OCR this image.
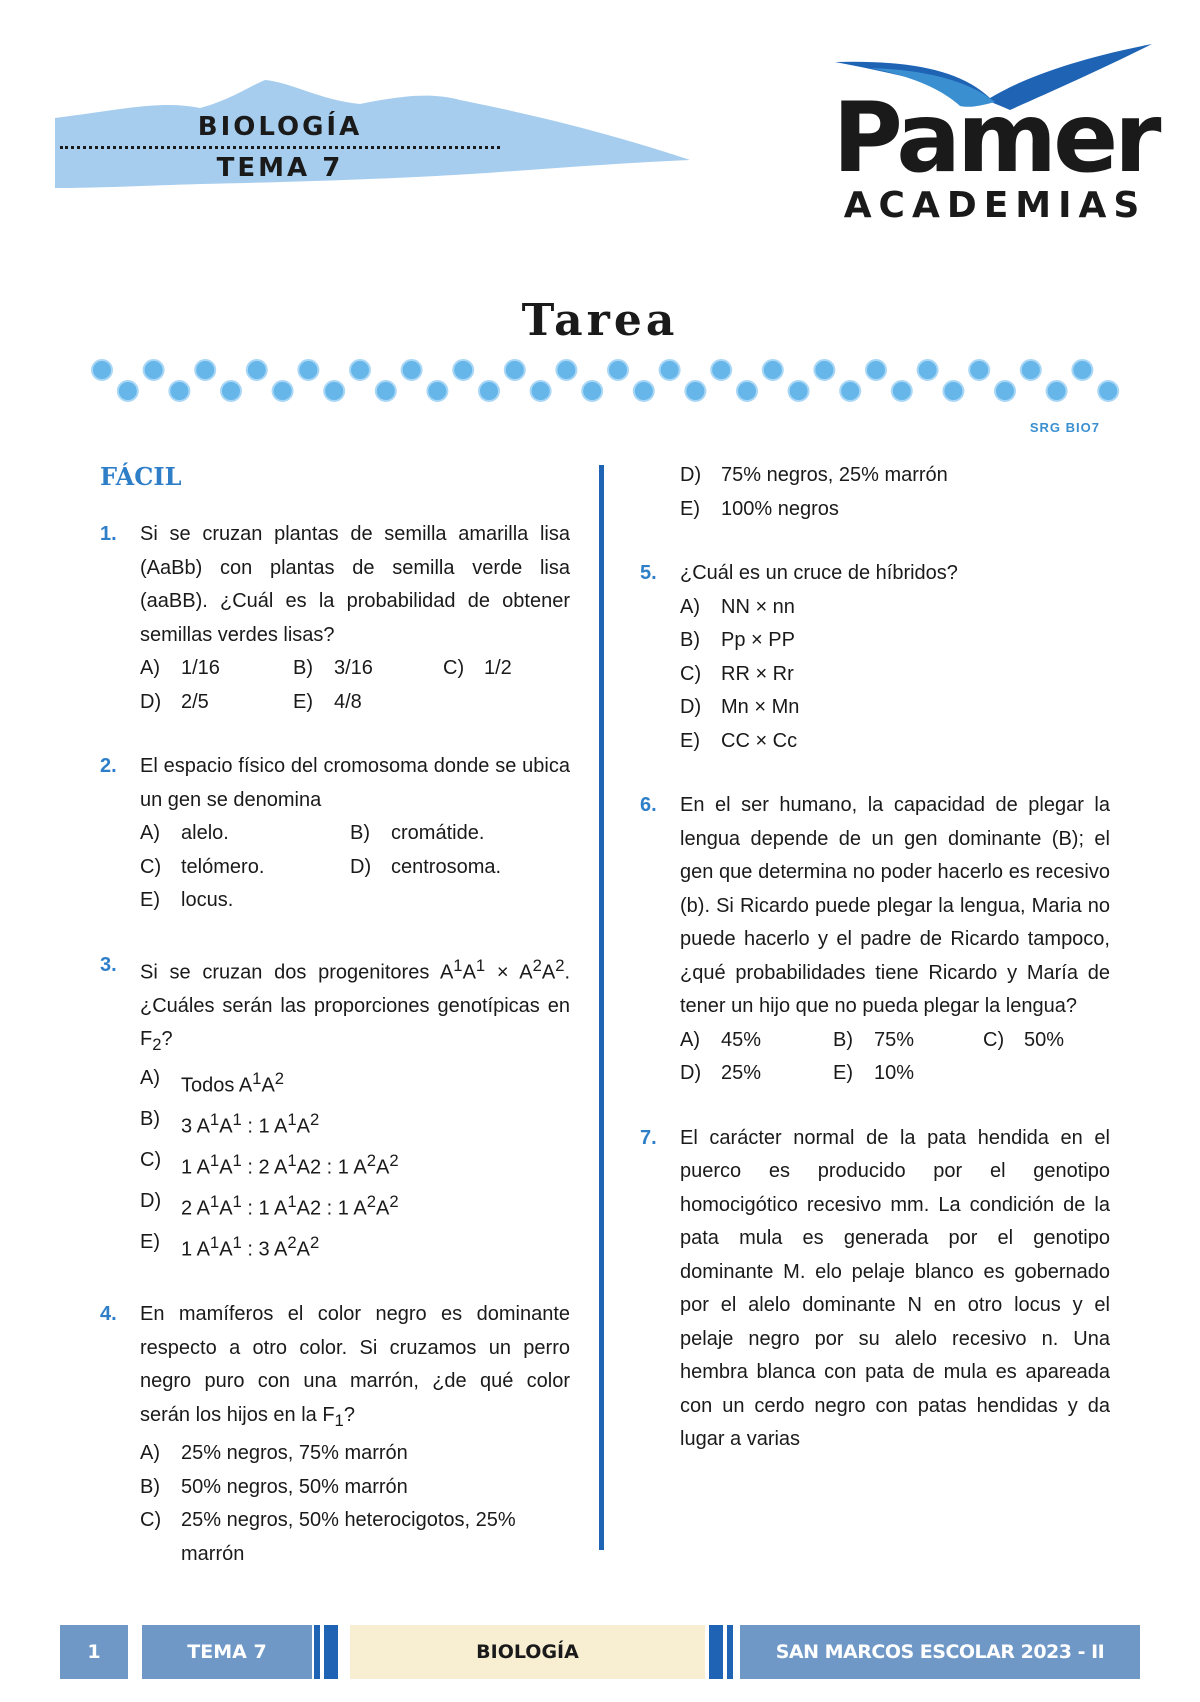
BIOLOGÍA
TEMA 7	Pamer
ACADEMIAS
Tarea
SRG BIO7
FÁCIL
1. Si se cruzan plantas de semilla amarilla lisa (AaBb) con plantas de semilla verde lisa (aaBB). ¿Cuál es la probabilidad de obtener semillas verdes lisas?
A) 1/16	B) 3/16	C) 1/2
D) 2/5	E) 4/8
2. El espacio físico del cromosoma donde se ubica un gen se denomina
A) alelo.	B) cromátide.
C) telómero.	D) centrosoma.
E) locus.
3. Si se cruzan dos progenitores $A^1A^1 \times A^2A^2$. ¿Cuáles serán las proporciones genotípicas en $F_2$?
A) Todos $A^1A^2$
B) 3 $A^1A^1$ : 1 $A^1A^2$
C) 1 $A^1A^1$ : 2 $A^1A2$ : 1 $A^2A^2$
D) 2 $A^1A^1$ : 1 $A^1A2$ : 1 $A^2A^2$
E) 1 $A^1A^1$ : 3 $A^2A^2$
4. En mamíferos el color negro es dominante respecto a otro color. Si cruzamos un perro negro puro con una marrón, ¿de qué color serán los hijos en la $F_1$?
A) 25% negros, 75% marrón
B) 50% negros, 50% marrón
C) 25% negros, 50% heterocigotos, 25% marrón
D) 75% negros, 25% marrón
E) 100% negros
5. ¿Cuál es un cruce de híbridos?
A) NN × nn
B) Pp × PP
C) RR × Rr
D) Mn × Mn
E) CC × Cc
6. En el ser humano, la capacidad de plegar la lengua depende de un gen dominante (B); el gen que determina no poder hacerlo es recesivo (b). Si Ricardo puede plegar la lengua, Maria no puede hacerlo y el padre de Ricardo tampoco, ¿qué probabilidades tiene Ricardo y María de tener un hijo que no pueda plegar la lengua?
A) 45%	B) 75%	C) 50%
D) 25%	E) 10%
7. El carácter normal de la pata hendida en el puerco es producido por el genotipo homocigótico recesivo mm. La condición de la pata mula es generada por el genotipo dominante M. elo pelaje blanco es gobernado por el alelo dominante N en otro locus y el pelaje negro por su alelo recesivo n. Una hembra blanca con pata de mula es apareada con un cerdo negro con patas hendidas y da lugar a varias
1	TEMA 7	BIOLOGÍA	SAN MARCOS ESCOLAR 2023 - II
